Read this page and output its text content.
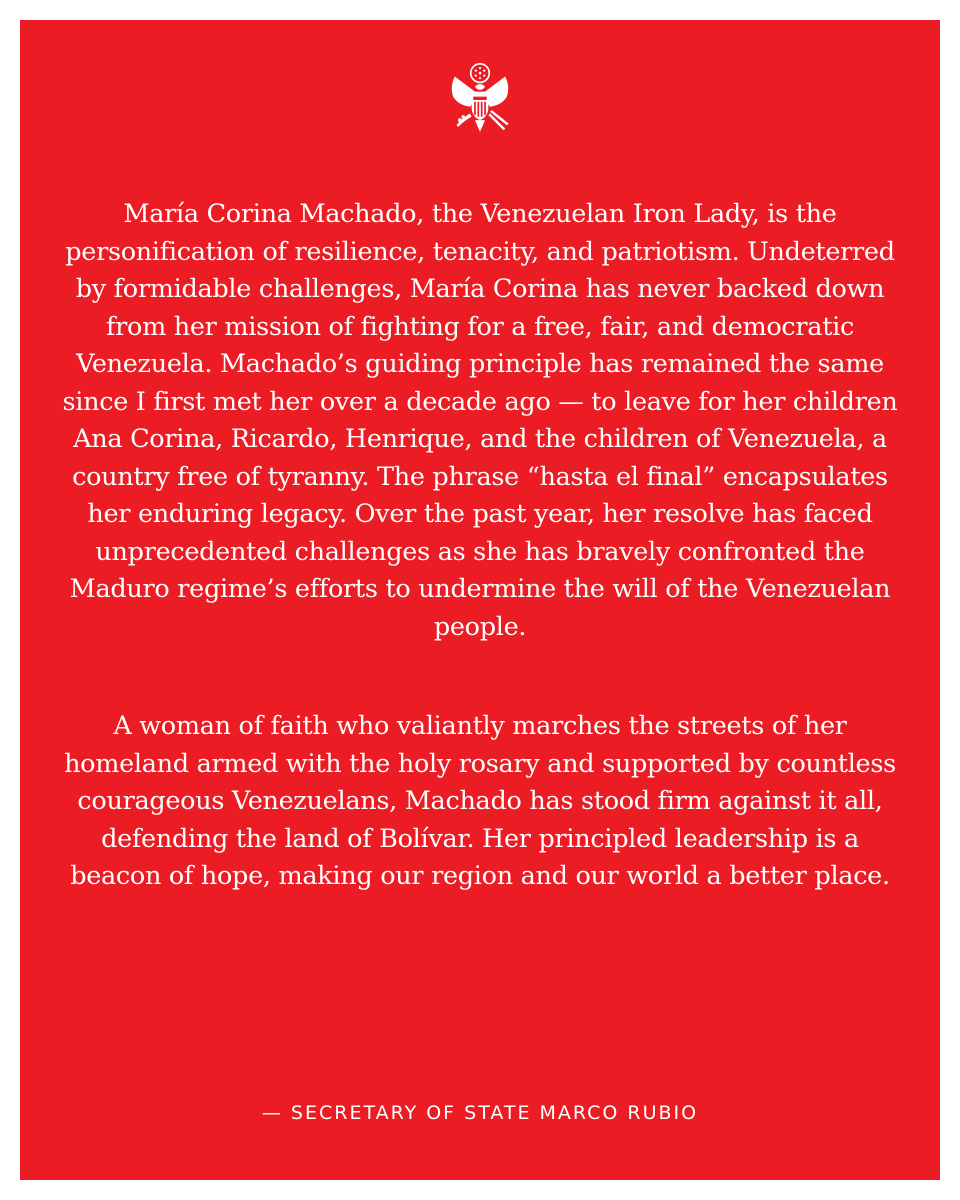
María Corina Machado, the Venezuelan Iron Lady, is the personification of resilience, tenacity, and patriotism. Undeterred by formidable challenges, María Corina has never backed down from her mission of fighting for a free, fair, and democratic Venezuela. Machado’s guiding principle has remained the same since I first met her over a decade ago — to leave for her children Ana Corina, Ricardo, Henrique, and the children of Venezuela, a country free of tyranny. The phrase “hasta el final” encapsulates her enduring legacy. Over the past year, her resolve has faced unprecedented challenges as she has bravely confronted the Maduro regime’s efforts to undermine the will of the Venezuelan people.

A woman of faith who valiantly marches the streets of her homeland armed with the holy rosary and supported by countless courageous Venezuelans, Machado has stood firm against it all, defending the land of Bolívar. Her principled leadership is a beacon of hope, making our region and our world a better place.

— SECRETARY OF STATE MARCO RUBIO
